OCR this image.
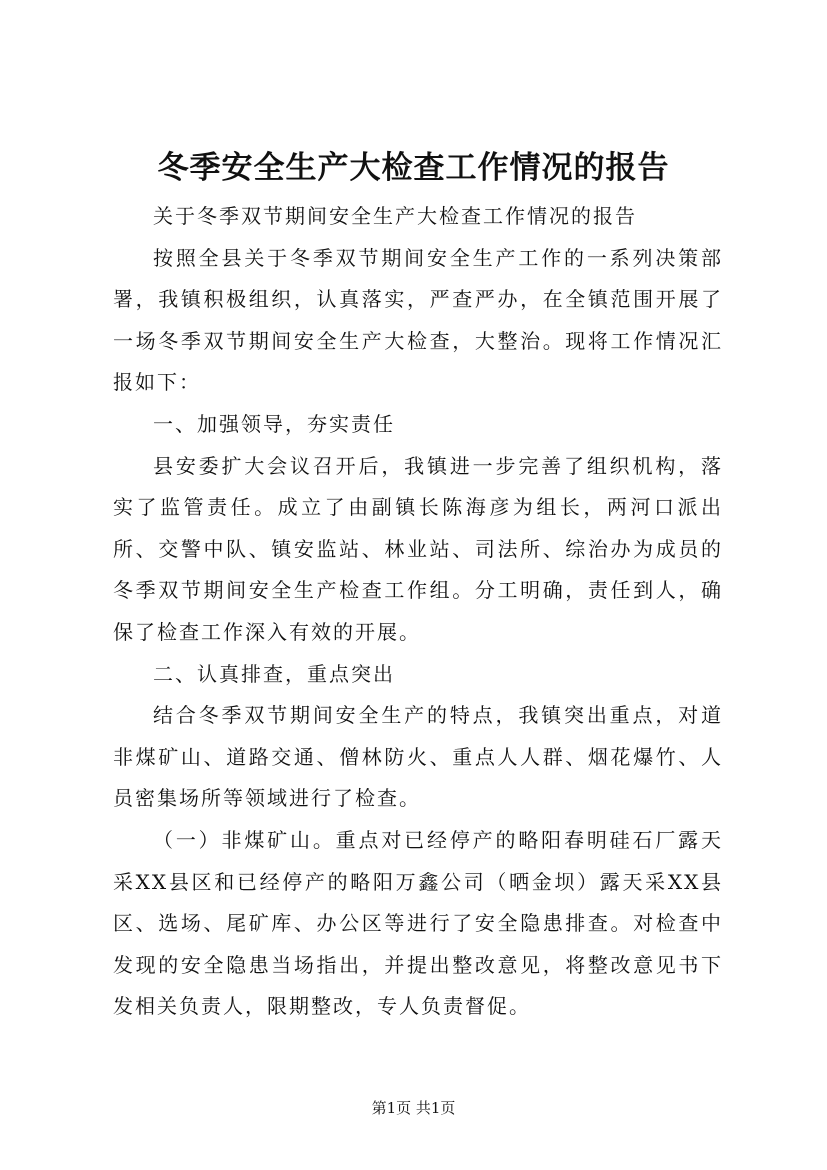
冬季安全生产大检查工作情况的报告

关于冬季双节期间安全生产大检查工作情况的报告

按照全县关于冬季双节期间安全生产工作的一系列决策部署，我镇积极组织，认真落实，严查严办，在全镇范围开展了一场冬季双节期间安全生产大检查，大整治。现将工作情况汇报如下：

一、加强领导，夯实责任

县安委扩大会议召开后，我镇进一步完善了组织机构，落实了监管责任。成立了由副镇长陈海彦为组长，两河口派出所、交警中队、镇安监站、林业站、司法所、综治办为成员的冬季双节期间安全生产检查工作组。分工明确，责任到人，确保了检查工作深入有效的开展。

二、认真排查，重点突出

结合冬季双节期间安全生产的特点，我镇突出重点，对道非煤矿山、道路交通、僧林防火、重点人人群、烟花爆竹、人员密集场所等领域进行了检查。

（一）非煤矿山。重点对已经停产的略阳春明硅石厂露天采XX县区和已经停产的略阳万鑫公司（晒金坝）露天采XX县区、选场、尾矿库、办公区等进行了安全隐患排查。对检查中发现的安全隐患当场指出，并提出整改意见，将整改意见书下发相关负责人，限期整改，专人负责督促。

第1页 共1页
